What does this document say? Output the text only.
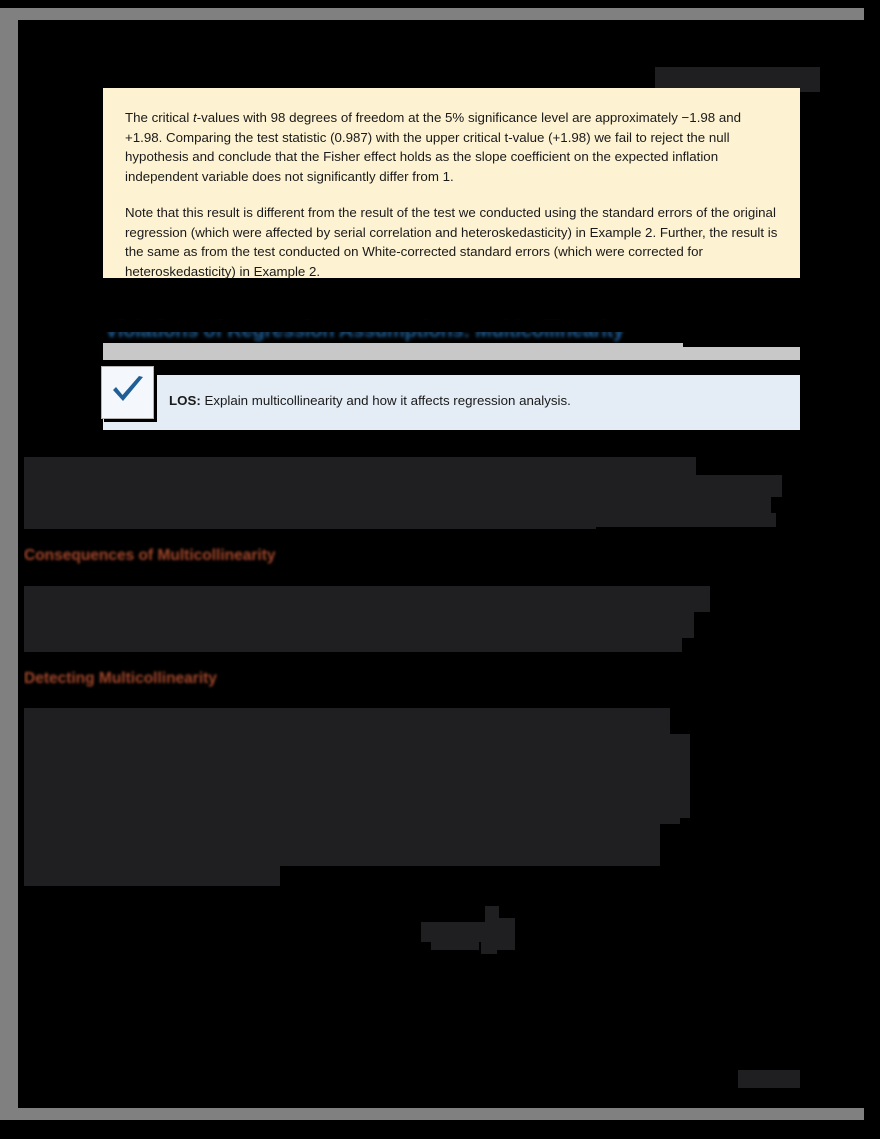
The critical t-values with 98 degrees of freedom at the 5% significance level are approximately −1.98 and +1.98. Comparing the test statistic (0.987) with the upper critical t-value (+1.98) we fail to reject the null hypothesis and conclude that the Fisher effect holds as the slope coefficient on the expected inflation independent variable does not significantly differ from 1.

Note that this result is different from the result of the test we conducted using the standard errors of the original regression (which were affected by serial correlation and heteroskedasticity) in Example 2. Further, the result is the same as from the test conducted on White-corrected standard errors (which were corrected for heteroskedasticity) in Example 2.

LOS: Explain multicollinearity and how it affects regression analysis.
Consequences of Multicollinearity
Detecting Multicollinearity
